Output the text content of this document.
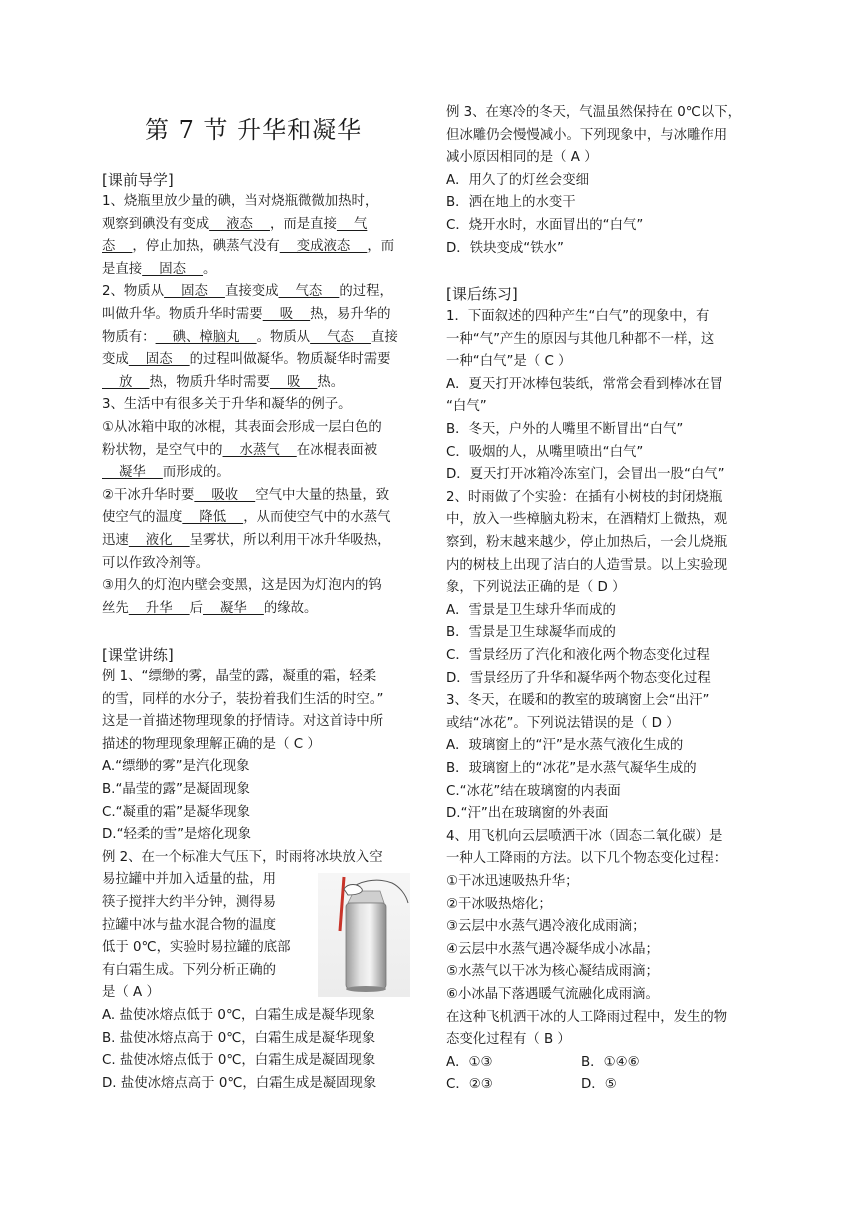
第 7 节 升华和凝华
[课前导学]
1、烧瓶里放少量的碘，当对烧瓶微微加热时，
观察到碘没有变成    液态    ，而是直接    气
态    ，停止加热，碘蒸气没有    变成液态    ，而
是直接    固态    。
2、物质从    固态    直接变成    气态    的过程，
叫做升华。物质升华时需要    吸    热，易升华的
物质有：    碘、樟脑丸    。物质从    气态    直接
变成    固态    的过程叫做凝华。物质凝华时需要
放    热，物质升华时需要    吸    热。
3、生活中有很多关于升华和凝华的例子。
①从冰箱中取的冰棍，其表面会形成一层白色的
粉状物，是空气中的    水蒸气    在冰棍表面被
凝华    而形成的。
②干冰升华时要    吸收    空气中大量的热量，致
使空气的温度    降低    ，从而使空气中的水蒸气
迅速    液化    呈雾状，所以利用干冰升华吸热，
可以作致冷剂等。
③用久的灯泡内壁会变黑，这是因为灯泡内的钨
丝先    升华    后    凝华    的缘故。
[课堂讲练]
例 1、“缥缈的雾，晶莹的露，凝重的霜，轻柔
的雪，同样的水分子，装扮着我们生活的时空。”
这是一首描述物理现象的抒情诗。对这首诗中所
描述的物理现象理解正确的是（ C ）
A.“缥缈的雾”是汽化现象
B.“晶莹的露”是凝固现象
C.“凝重的霜”是凝华现象
D.“轻柔的雪”是熔化现象
例 2、在一个标准大气压下，时雨将冰块放入空
易拉罐中并加入适量的盐，用
筷子搅拌大约半分钟，测得易
拉罐中冰与盐水混合物的温度
低于 0℃，实验时易拉罐的底部
有白霜生成。下列分析正确的
是（ A ）
A. 盐使冰熔点低于 0℃，白霜生成是凝华现象
B. 盐使冰熔点高于 0℃，白霜生成是凝华现象
C. 盐使冰熔点低于 0℃，白霜生成是凝固现象
D. 盐使冰熔点高于 0℃，白霜生成是凝固现象
例 3、在寒冷的冬天，气温虽然保持在 0℃以下，
但冰雕仍会慢慢减小。下列现象中，与冰雕作用
减小原因相同的是（ A ）
A．用久了的灯丝会变细
B．洒在地上的水变干
C．烧开水时，水面冒出的“白气”
D．铁块变成“铁水”
[课后练习]
1．下面叙述的四种产生“白气”的现象中，有
一种“气”产生的原因与其他几种都不一样，这
一种“白气”是（ C ）
A．夏天打开冰棒包装纸，常常会看到棒冰在冒
“白气”
B．冬天，户外的人嘴里不断冒出“白气”
C．吸烟的人，从嘴里喷出“白气”
D．夏天打开冰箱冷冻室门，会冒出一股“白气”
2、时雨做了个实验：在插有小树枝的封闭烧瓶
中，放入一些樟脑丸粉末，在酒精灯上微热，观
察到，粉末越来越少，停止加热后，一会儿烧瓶
内的树枝上出现了洁白的人造雪景。以上实验现
象，下列说法正确的是（ D ）
A．雪景是卫生球升华而成的
B．雪景是卫生球凝华而成的
C．雪景经历了汽化和液化两个物态变化过程
D．雪景经历了升华和凝华两个物态变化过程
3、冬天，在暖和的教室的玻璃窗上会“出汗”
或结“冰花”。下列说法错误的是（ D ）
A．玻璃窗上的“汗”是水蒸气液化生成的
B．玻璃窗上的“冰花”是水蒸气凝华生成的
C.“冰花”结在玻璃窗的内表面
D.“汗”出在玻璃窗的外表面
4、用飞机向云层喷洒干冰（固态二氧化碳）是
一种人工降雨的方法。以下几个物态变化过程：
①干冰迅速吸热升华；
②干冰吸热熔化；
③云层中水蒸气遇冷液化成雨滴；
④云层中水蒸气遇冷凝华成小冰晶；
⑤水蒸气以干冰为核心凝结成雨滴；
⑥小冰晶下落遇暖气流融化成雨滴。
在这种飞机洒干冰的人工降雨过程中，发生的物
态变化过程有（ B ）
A．①③	B．①④⑥
C．②③	D．⑤
